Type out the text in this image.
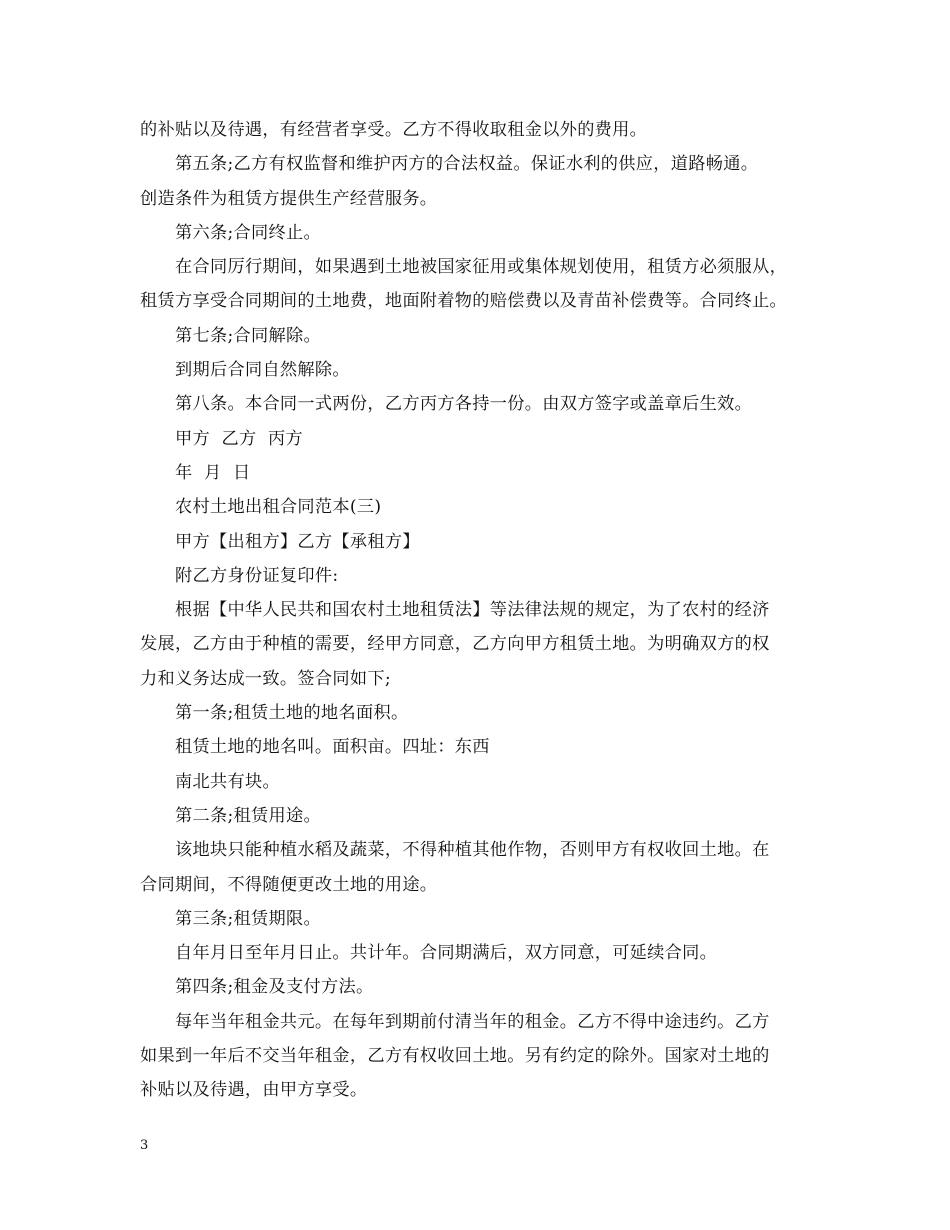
的补贴以及待遇，有经营者享受。乙方不得收取租金以外的费用。
第五条;乙方有权监督和维护丙方的合法权益。保证水利的供应，道路畅通。
创造条件为租赁方提供生产经营服务。
第六条;合同终止。
在合同厉行期间，如果遇到土地被国家征用或集体规划使用，租赁方必须服从，
租赁方享受合同期间的土地费，地面附着物的赔偿费以及青苗补偿费等。合同终止。
第七条;合同解除。
到期后合同自然解除。
第八条。本合同一式两份，乙方丙方各持一份。由双方签字或盖章后生效。
甲方  乙方  丙方
年  月  日
农村土地出租合同范本(三)
甲方【出租方】乙方【承租方】
附乙方身份证复印件:
根据【中华人民共和国农村土地租赁法】等法律法规的规定，为了农村的经济
发展，乙方由于种植的需要，经甲方同意，乙方向甲方租赁土地。为明确双方的权
力和义务达成一致。签合同如下;
第一条;租赁土地的地名面积。
租赁土地的地名叫。面积亩。四址：东西
南北共有块。
第二条;租赁用途。
该地块只能种植水稻及蔬菜，不得种植其他作物，否则甲方有权收回土地。在
合同期间，不得随便更改土地的用途。
第三条;租赁期限。
自年月日至年月日止。共计年。合同期满后，双方同意，可延续合同。
第四条;租金及支付方法。
每年当年租金共元。在每年到期前付清当年的租金。乙方不得中途违约。乙方
如果到一年后不交当年租金，乙方有权收回土地。另有约定的除外。国家对土地的
补贴以及待遇，由甲方享受。
3
